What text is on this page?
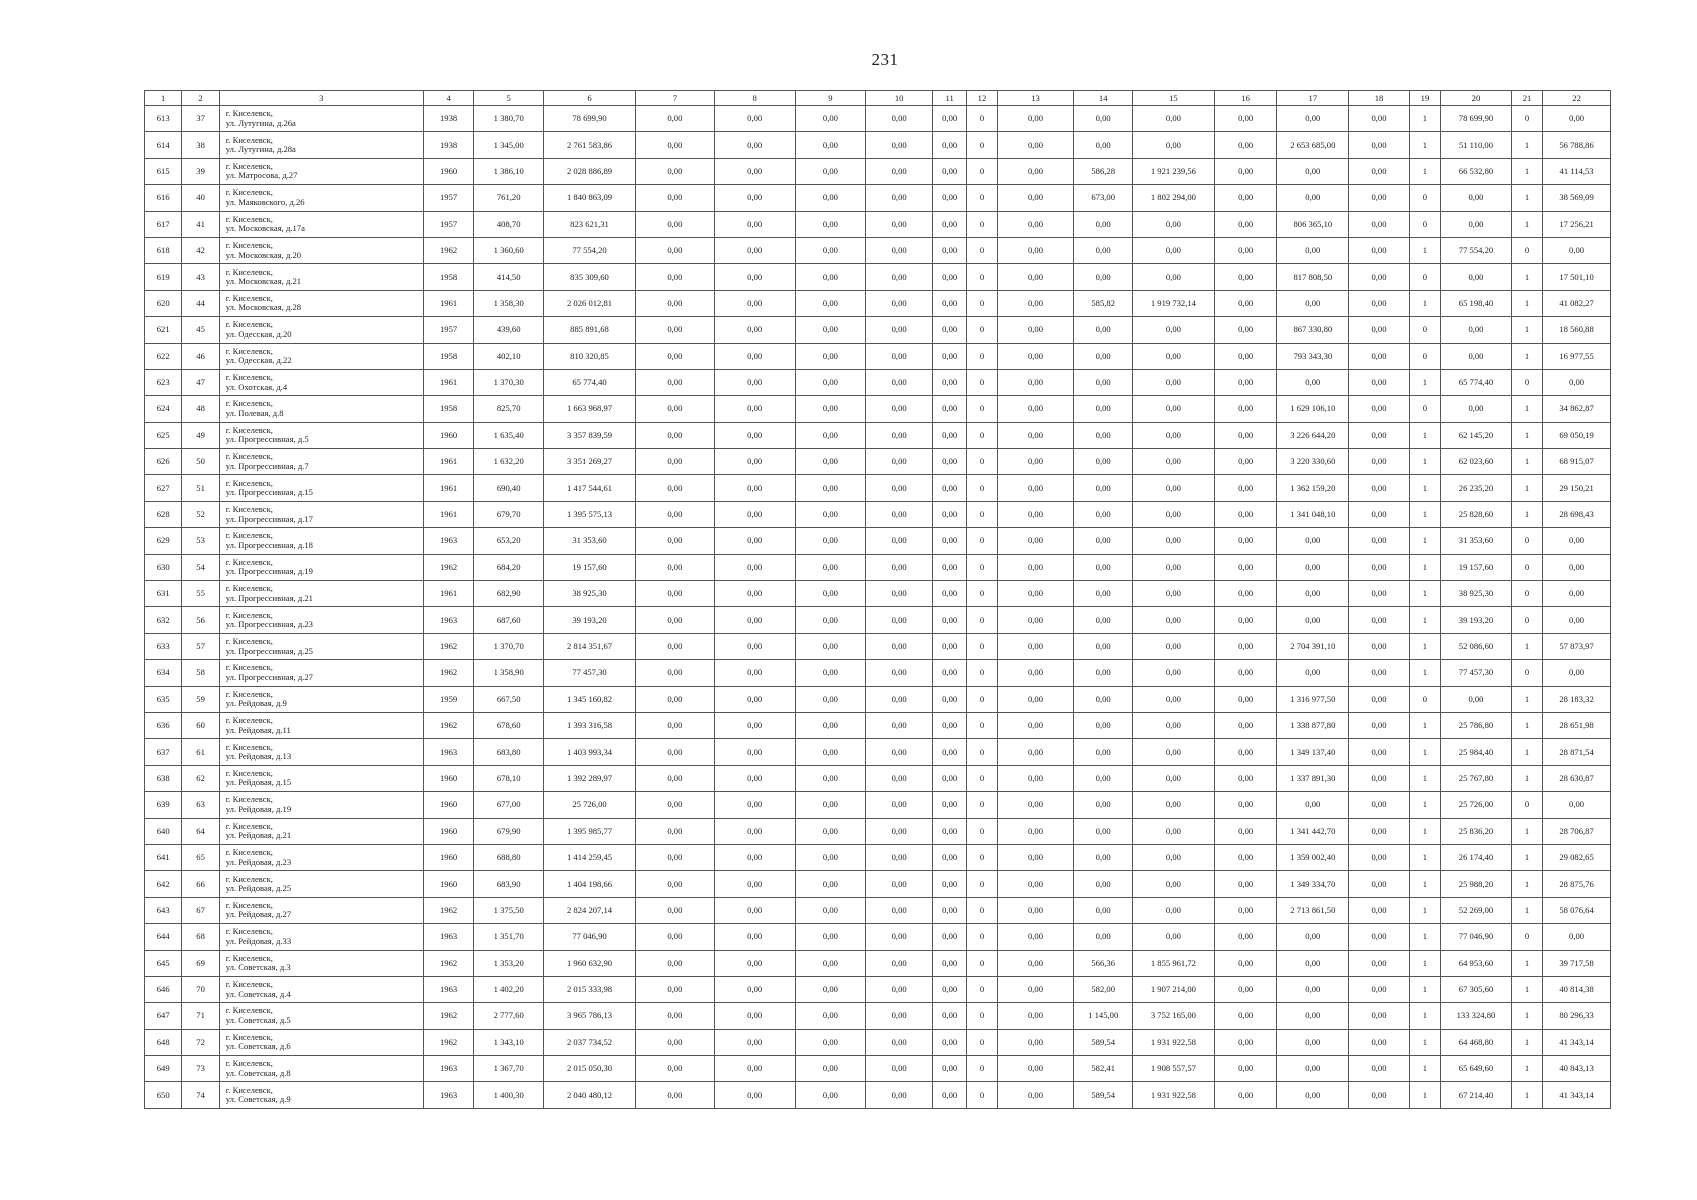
231
1	2	3	4	5	6	7	8	9	10	11	12	13	14	15	16	17	18	19	20	21	22
613	37	г. Киселевск,
ул. Лутугина, д.26а	1938	1 380,70	78 699,90	0,00	0,00	0,00	0,00	0,00	0	0,00	0,00	0,00	0,00	0,00	0,00	1	78 699,90	0	0,00
614	38	г. Киселевск,
ул. Лутугина, д.28а	1938	1 345,00	2 761 583,86	0,00	0,00	0,00	0,00	0,00	0	0,00	0,00	0,00	0,00	2 653 685,00	0,00	1	51 110,00	1	56 788,86
615	39	г. Киселевск,
ул. Матросова, д.27	1960	1 386,10	2 028 886,89	0,00	0,00	0,00	0,00	0,00	0	0,00	586,28	1 921 239,56	0,00	0,00	0,00	1	66 532,80	1	41 114,53
616	40	г. Киселевск,
ул. Маяковского, д.26	1957	761,20	1 840 863,09	0,00	0,00	0,00	0,00	0,00	0	0,00	673,00	1 802 294,00	0,00	0,00	0,00	0	0,00	1	38 569,09
617	41	г. Киселевск,
ул. Московская, д.17а	1957	408,70	823 621,31	0,00	0,00	0,00	0,00	0,00	0	0,00	0,00	0,00	0,00	806 365,10	0,00	0	0,00	1	17 256,21
618	42	г. Киселевск,
ул. Московская, д.20	1962	1 360,60	77 554,20	0,00	0,00	0,00	0,00	0,00	0	0,00	0,00	0,00	0,00	0,00	0,00	1	77 554,20	0	0,00
619	43	г. Киселевск,
ул. Московская, д.21	1958	414,50	835 309,60	0,00	0,00	0,00	0,00	0,00	0	0,00	0,00	0,00	0,00	817 808,50	0,00	0	0,00	1	17 501,10
620	44	г. Киселевск,
ул. Московская, д.28	1961	1 358,30	2 026 012,81	0,00	0,00	0,00	0,00	0,00	0	0,00	585,82	1 919 732,14	0,00	0,00	0,00	1	65 198,40	1	41 082,27
621	45	г. Киселевск,
ул. Одесская, д.20	1957	439,60	885 891,68	0,00	0,00	0,00	0,00	0,00	0	0,00	0,00	0,00	0,00	867 330,80	0,00	0	0,00	1	18 560,88
622	46	г. Киселевск,
ул. Одесская, д.22	1958	402,10	810 320,85	0,00	0,00	0,00	0,00	0,00	0	0,00	0,00	0,00	0,00	793 343,30	0,00	0	0,00	1	16 977,55
623	47	г. Киселевск,
ул. Охотская, д.4	1961	1 370,30	65 774,40	0,00	0,00	0,00	0,00	0,00	0	0,00	0,00	0,00	0,00	0,00	0,00	1	65 774,40	0	0,00
624	48	г. Киселевск,
ул. Полевая, д.8	1958	825,70	1 663 968,97	0,00	0,00	0,00	0,00	0,00	0	0,00	0,00	0,00	0,00	1 629 106,10	0,00	0	0,00	1	34 862,87
625	49	г. Киселевск,
ул. Прогрессивная, д.5	1960	1 635,40	3 357 839,59	0,00	0,00	0,00	0,00	0,00	0	0,00	0,00	0,00	0,00	3 226 644,20	0,00	1	62 145,20	1	69 050,19
626	50	г. Киселевск,
ул. Прогрессивная, д.7	1961	1 632,20	3 351 269,27	0,00	0,00	0,00	0,00	0,00	0	0,00	0,00	0,00	0,00	3 220 330,60	0,00	1	62 023,60	1	68 915,07
627	51	г. Киселевск,
ул. Прогрессивная, д.15	1961	690,40	1 417 544,61	0,00	0,00	0,00	0,00	0,00	0	0,00	0,00	0,00	0,00	1 362 159,20	0,00	1	26 235,20	1	29 150,21
628	52	г. Киселевск,
ул. Прогрессивная, д.17	1961	679,70	1 395 575,13	0,00	0,00	0,00	0,00	0,00	0	0,00	0,00	0,00	0,00	1 341 048,10	0,00	1	25 828,60	1	28 698,43
629	53	г. Киселевск,
ул. Прогрессивная, д.18	1963	653,20	31 353,60	0,00	0,00	0,00	0,00	0,00	0	0,00	0,00	0,00	0,00	0,00	0,00	1	31 353,60	0	0,00
630	54	г. Киселевск,
ул. Прогрессивная, д.19	1962	684,20	19 157,60	0,00	0,00	0,00	0,00	0,00	0	0,00	0,00	0,00	0,00	0,00	0,00	1	19 157,60	0	0,00
631	55	г. Киселевск,
ул. Прогрессивная, д.21	1961	682,90	38 925,30	0,00	0,00	0,00	0,00	0,00	0	0,00	0,00	0,00	0,00	0,00	0,00	1	38 925,30	0	0,00
632	56	г. Киселевск,
ул. Прогрессивная, д.23	1963	687,60	39 193,20	0,00	0,00	0,00	0,00	0,00	0	0,00	0,00	0,00	0,00	0,00	0,00	1	39 193,20	0	0,00
633	57	г. Киселевск,
ул. Прогрессивная, д.25	1962	1 370,70	2 814 351,67	0,00	0,00	0,00	0,00	0,00	0	0,00	0,00	0,00	0,00	2 704 391,10	0,00	1	52 086,60	1	57 873,97
634	58	г. Киселевск,
ул. Прогрессивная, д.27	1962	1 358,90	77 457,30	0,00	0,00	0,00	0,00	0,00	0	0,00	0,00	0,00	0,00	0,00	0,00	1	77 457,30	0	0,00
635	59	г. Киселевск,
ул. Рейдовая, д.9	1959	667,50	1 345 160,82	0,00	0,00	0,00	0,00	0,00	0	0,00	0,00	0,00	0,00	1 316 977,50	0,00	0	0,00	1	28 183,32
636	60	г. Киселевск,
ул. Рейдовая, д.11	1962	678,60	1 393 316,58	0,00	0,00	0,00	0,00	0,00	0	0,00	0,00	0,00	0,00	1 338 877,80	0,00	1	25 786,80	1	28 651,98
637	61	г. Киселевск,
ул. Рейдовая, д.13	1963	683,80	1 403 993,34	0,00	0,00	0,00	0,00	0,00	0	0,00	0,00	0,00	0,00	1 349 137,40	0,00	1	25 984,40	1	28 871,54
638	62	г. Киселевск,
ул. Рейдовая, д.15	1960	678,10	1 392 289,97	0,00	0,00	0,00	0,00	0,00	0	0,00	0,00	0,00	0,00	1 337 891,30	0,00	1	25 767,80	1	28 630,87
639	63	г. Киселевск,
ул. Рейдовая, д.19	1960	677,00	25 726,00	0,00	0,00	0,00	0,00	0,00	0	0,00	0,00	0,00	0,00	0,00	0,00	1	25 726,00	0	0,00
640	64	г. Киселевск,
ул. Рейдовая, д.21	1960	679,90	1 395 985,77	0,00	0,00	0,00	0,00	0,00	0	0,00	0,00	0,00	0,00	1 341 442,70	0,00	1	25 836,20	1	28 706,87
641	65	г. Киселевск,
ул. Рейдовая, д.23	1960	688,80	1 414 259,45	0,00	0,00	0,00	0,00	0,00	0	0,00	0,00	0,00	0,00	1 359 002,40	0,00	1	26 174,40	1	29 082,65
642	66	г. Киселевск,
ул. Рейдовая, д.25	1960	683,90	1 404 198,66	0,00	0,00	0,00	0,00	0,00	0	0,00	0,00	0,00	0,00	1 349 334,70	0,00	1	25 988,20	1	28 875,76
643	67	г. Киселевск,
ул. Рейдовая, д.27	1962	1 375,50	2 824 207,14	0,00	0,00	0,00	0,00	0,00	0	0,00	0,00	0,00	0,00	2 713 861,50	0,00	1	52 269,00	1	58 076,64
644	68	г. Киселевск,
ул. Рейдовая, д.33	1963	1 351,70	77 046,90	0,00	0,00	0,00	0,00	0,00	0	0,00	0,00	0,00	0,00	0,00	0,00	1	77 046,90	0	0,00
645	69	г. Киселевск,
ул. Советская, д.3	1962	1 353,20	1 960 632,90	0,00	0,00	0,00	0,00	0,00	0	0,00	566,36	1 855 961,72	0,00	0,00	0,00	1	64 953,60	1	39 717,58
646	70	г. Киселевск,
ул. Советская, д.4	1963	1 402,20	2 015 333,98	0,00	0,00	0,00	0,00	0,00	0	0,00	582,00	1 907 214,00	0,00	0,00	0,00	1	67 305,60	1	40 814,38
647	71	г. Киселевск,
ул. Советская, д.5	1962	2 777,60	3 965 786,13	0,00	0,00	0,00	0,00	0,00	0	0,00	1 145,00	3 752 165,00	0,00	0,00	0,00	1	133 324,80	1	80 296,33
648	72	г. Киселевск,
ул. Советская, д.6	1962	1 343,10	2 037 734,52	0,00	0,00	0,00	0,00	0,00	0	0,00	589,54	1 931 922,58	0,00	0,00	0,00	1	64 468,80	1	41 343,14
649	73	г. Киселевск,
ул. Советская, д.8	1963	1 367,70	2 015 050,30	0,00	0,00	0,00	0,00	0,00	0	0,00	582,41	1 908 557,57	0,00	0,00	0,00	1	65 649,60	1	40 843,13
650	74	г. Киселевск,
ул. Советская, д.9	1963	1 400,30	2 040 480,12	0,00	0,00	0,00	0,00	0,00	0	0,00	589,54	1 931 922,58	0,00	0,00	0,00	1	67 214,40	1	41 343,14
